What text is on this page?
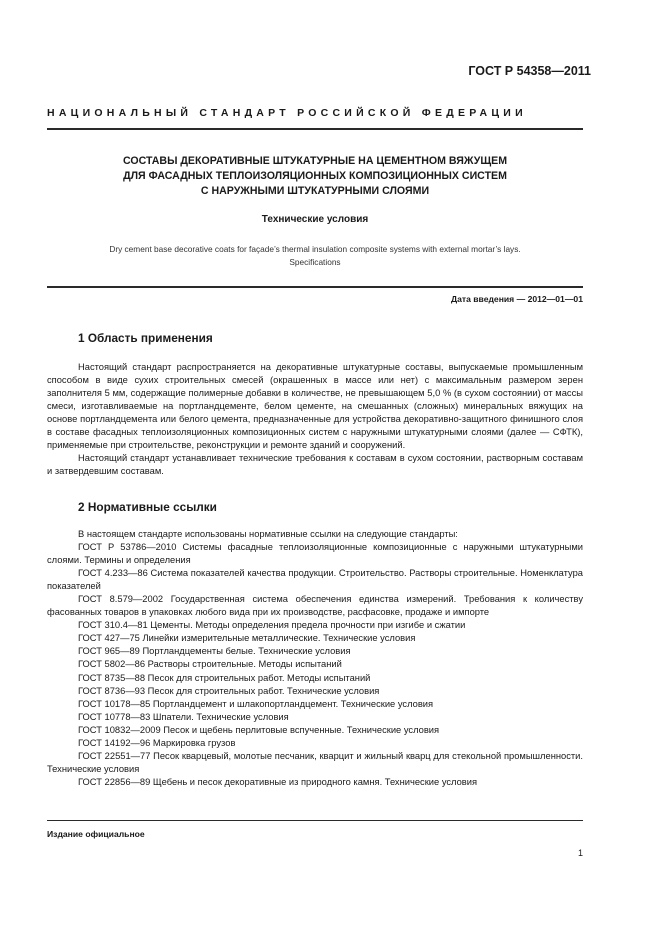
ГОСТ Р 54358—2011
НАЦИОНАЛЬНЫЙ СТАНДАРТ РОССИЙСКОЙ ФЕДЕРАЦИИ
СОСТАВЫ ДЕКОРАТИВНЫЕ ШТУКАТУРНЫЕ НА ЦЕМЕНТНОМ ВЯЖУЩЕМ
ДЛЯ ФАСАДНЫХ ТЕПЛОИЗОЛЯЦИОННЫХ КОМПОЗИЦИОННЫХ СИСТЕМ
С НАРУЖНЫМИ ШТУКАТУРНЫМИ СЛОЯМИ
Технические условия
Dry cement base decorative coats for façade’s thermal insulation composite systems with external mortar’s lays.
Specifications
Дата введения — 2012—01—01
1 Область применения

Настоящий стандарт распространяется на декоративные штукатурные составы, выпускаемые промышленным способом в виде сухих строительных смесей (окрашенных в массе или нет) с максимальным размером зерен заполнителя 5 мм, содержащие полимерные добавки в количестве, не превышающем 5,0 % (в сухом состоянии) от массы смеси, изготавливаемые на портландцементе, белом цементе, на смешанных (сложных) минеральных вяжущих на основе портландцемента или белого цемента, предназначенные для устройства декоративно-защитного финишного слоя в составе фасадных теплоизоляционных композиционных систем с наружными штукатурными слоями (далее — СФТК), применяемые при строительстве, реконструкции и ремонте зданий и сооружений.

Настоящий стандарт устанавливает технические требования к составам в сухом состоянии, растворным составам и затвердевшим составам.

2 Нормативные ссылки

В настоящем стандарте использованы нормативные ссылки на следующие стандарты:

ГОСТ Р 53786—2010 Системы фасадные теплоизоляционные композиционные с наружными штукатурными слоями. Термины и определения

ГОСТ 4.233—86 Система показателей качества продукции. Строительство. Растворы строительные. Номенклатура показателей

ГОСТ 8.579—2002 Государственная система обеспечения единства измерений. Требования к количеству фасованных товаров в упаковках любого вида при их производстве, расфасовке, продаже и импорте

ГОСТ 310.4—81 Цементы. Методы определения предела прочности при изгибе и сжатии

ГОСТ 427—75 Линейки измерительные металлические. Технические условия

ГОСТ 965—89 Портландцементы белые. Технические условия

ГОСТ 5802—86 Растворы строительные. Методы испытаний

ГОСТ 8735—88 Песок для строительных работ. Методы испытаний

ГОСТ 8736—93 Песок для строительных работ. Технические условия

ГОСТ 10178—85 Портландцемент и шлакопортландцемент. Технические условия

ГОСТ 10778—83 Шпатели. Технические условия

ГОСТ 10832—2009 Песок и щебень перлитовые вспученные. Технические условия

ГОСТ 14192—96 Маркировка грузов

ГОСТ 22551—77 Песок кварцевый, молотые песчаник, кварцит и жильный кварц для стекольной промышленности. Технические условия

ГОСТ 22856—89 Щебень и песок декоративные из природного камня. Технические условия

Издание официальное
1
